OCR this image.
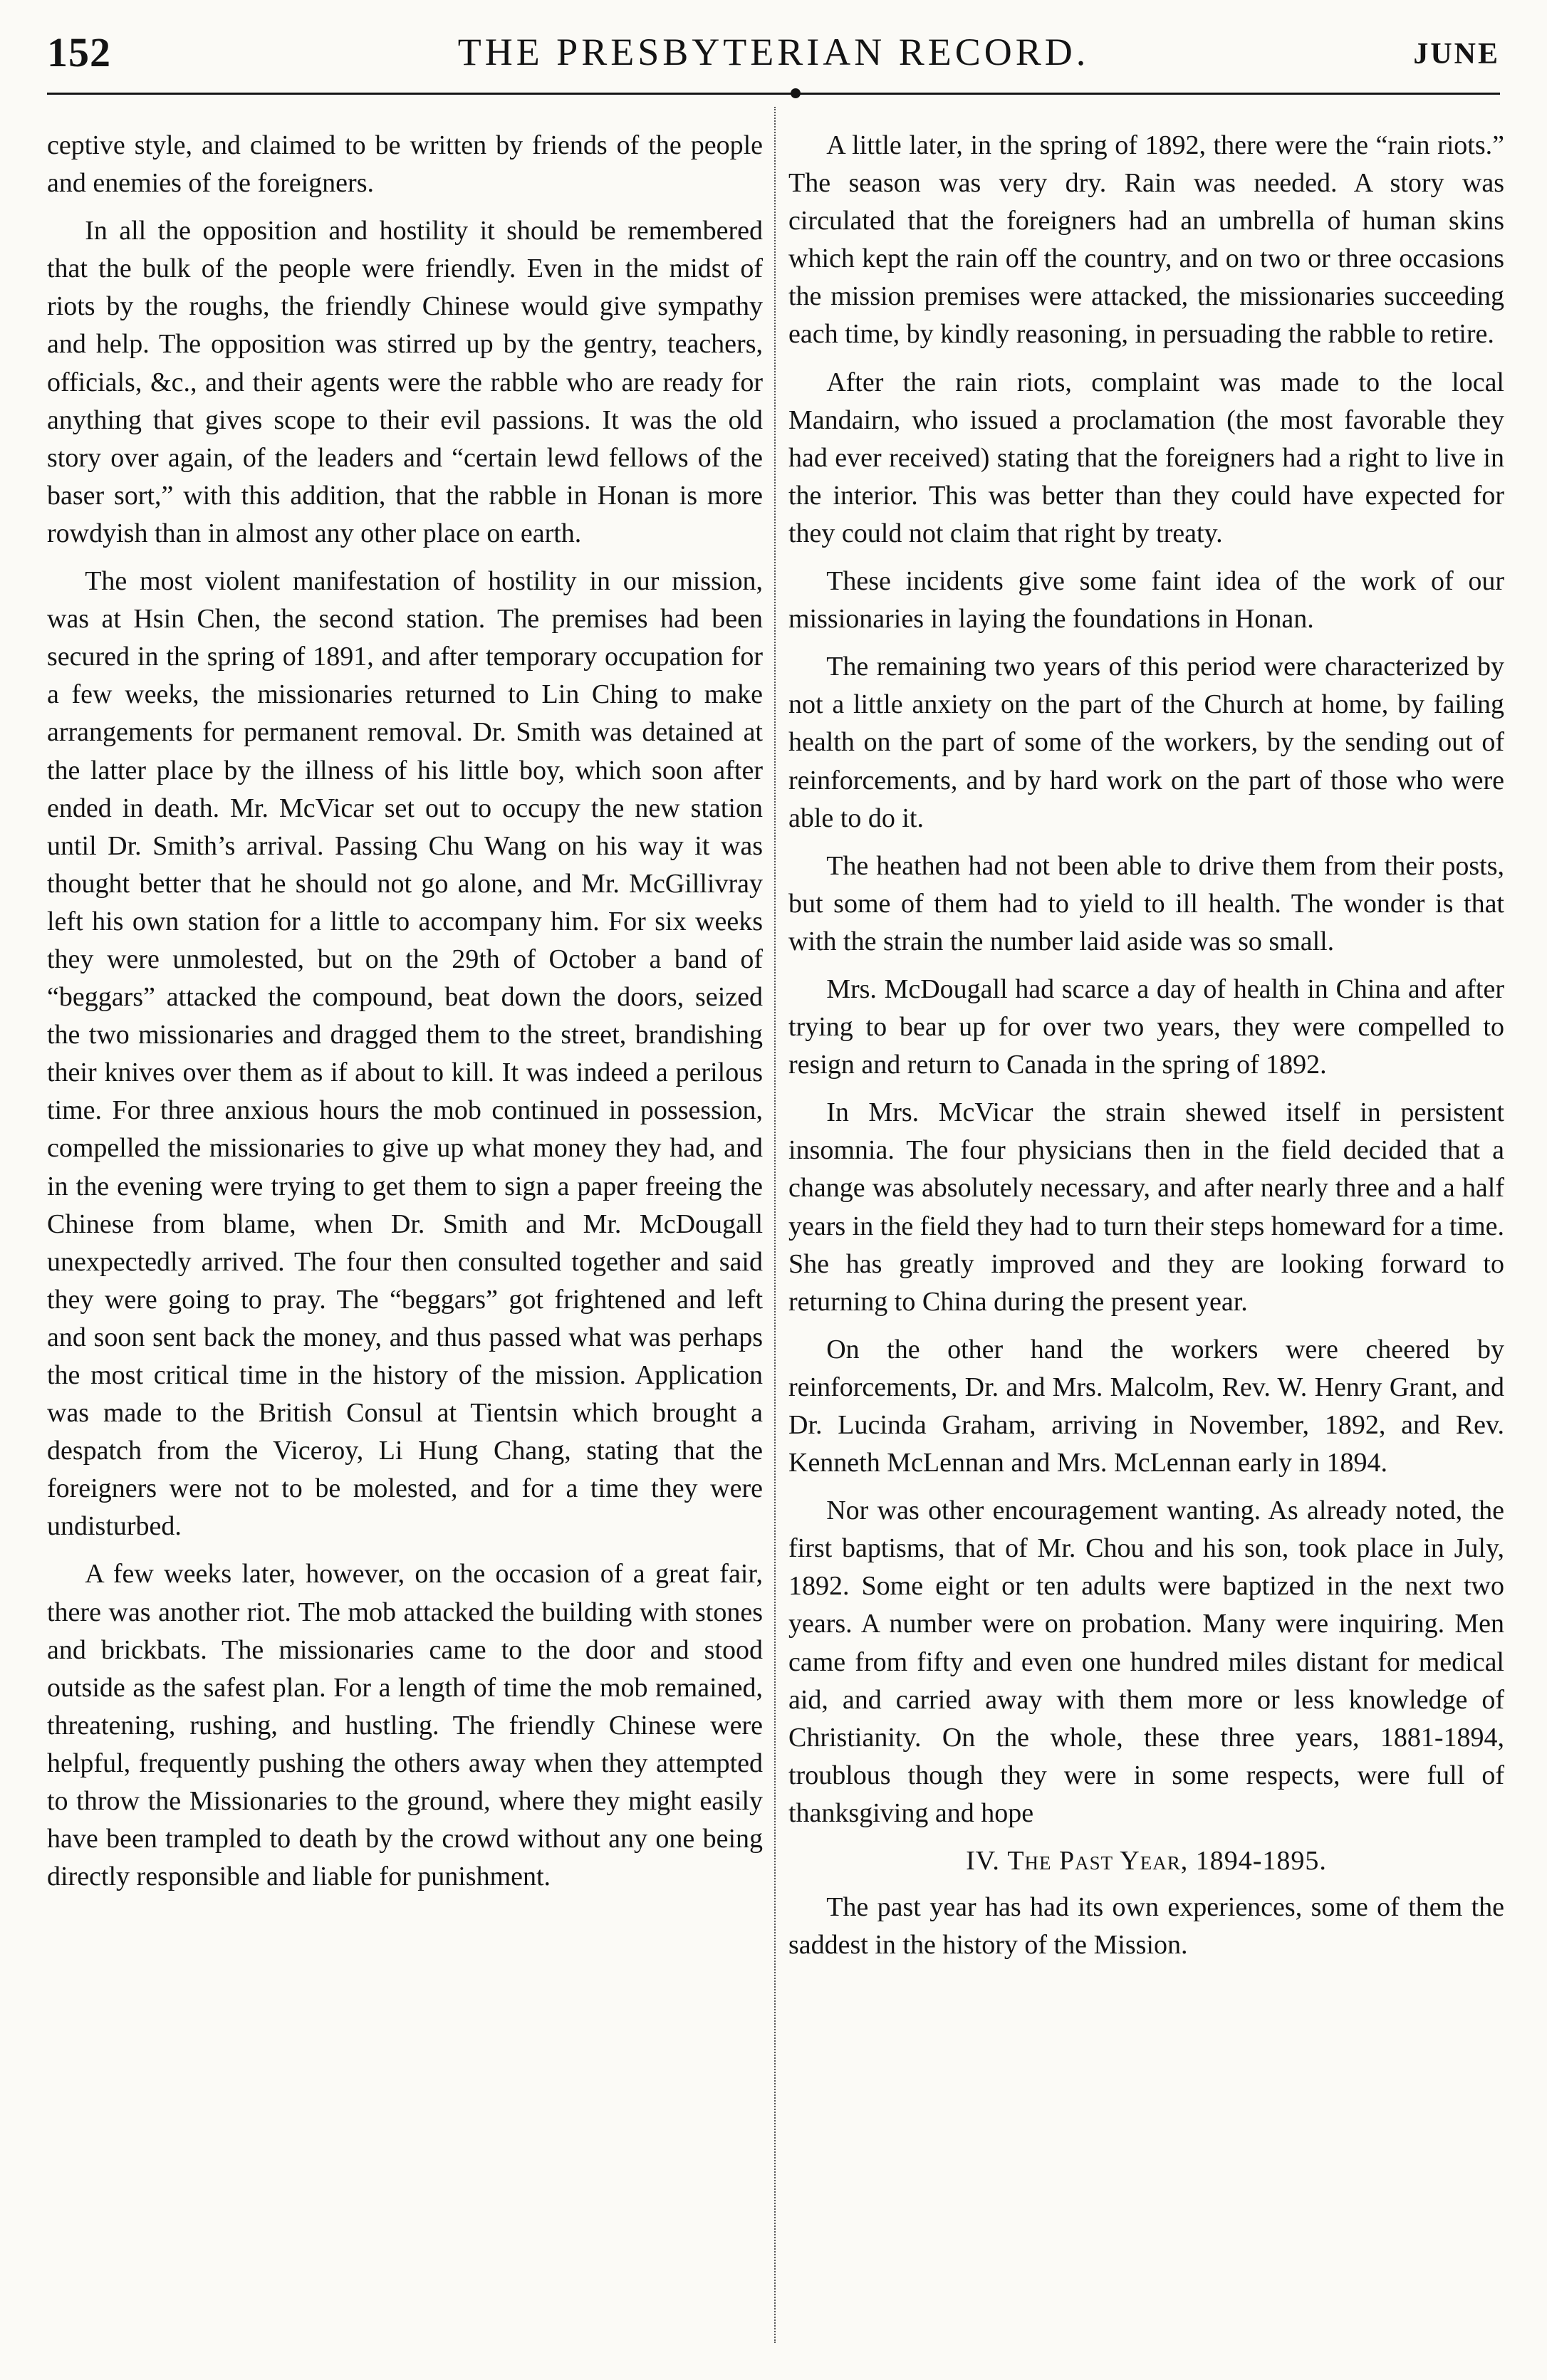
152	THE PRESBYTERIAN RECORD.	JUNE

ceptive style, and claimed to be written by friends of the people and enemies of the foreigners.

In all the opposition and hostility it should be remembered that the bulk of the people were friendly. Even in the midst of riots by the roughs, the friendly Chinese would give sympathy and help. The opposition was stirred up by the gentry, teachers, officials, &c., and their agents were the rabble who are ready for anything that gives scope to their evil passions. It was the old story over again, of the leaders and “certain lewd fellows of the baser sort,” with this addition, that the rabble in Honan is more rowdyish than in almost any other place on earth.

The most violent manifestation of hostility in our mission, was at Hsin Chen, the second station. The premises had been secured in the spring of 1891, and after temporary occupation for a few weeks, the missionaries returned to Lin Ching to make arrangements for permanent removal. Dr. Smith was detained at the latter place by the illness of his little boy, which soon after ended in death. Mr. McVicar set out to occupy the new station until Dr. Smith’s arrival. Passing Chu Wang on his way it was thought better that he should not go alone, and Mr. McGillivray left his own station for a little to accompany him. For six weeks they were unmolested, but on the 29th of October a band of “beggars” attacked the compound, beat down the doors, seized the two missionaries and dragged them to the street, brandishing their knives over them as if about to kill. It was indeed a perilous time. For three anxious hours the mob continued in possession, compelled the missionaries to give up what money they had, and in the evening were trying to get them to sign a paper freeing the Chinese from blame, when Dr. Smith and Mr. McDougall unexpectedly arrived. The four then consulted together and said they were going to pray. The “beggars” got frightened and left and soon sent back the money, and thus passed what was perhaps the most critical time in the history of the mission. Application was made to the British Consul at Tientsin which brought a despatch from the Viceroy, Li Hung Chang, stating that the foreigners were not to be molested, and for a time they were undisturbed.

A few weeks later, however, on the occasion of a great fair, there was another riot. The mob attacked the building with stones and brickbats. The missionaries came to the door and stood outside as the safest plan. For a length of time the mob remained, threatening, rushing, and hustling. The friendly Chinese were helpful, frequently pushing the others away when they attempted to throw the Missionaries to the ground, where they might easily have been trampled to death by the crowd without any one being directly responsible and liable for punishment.

A little later, in the spring of 1892, there were the “rain riots.” The season was very dry. Rain was needed. A story was circulated that the foreigners had an umbrella of human skins which kept the rain off the country, and on two or three occasions the mission premises were attacked, the missionaries succeeding each time, by kindly reasoning, in persuading the rabble to retire.

After the rain riots, complaint was made to the local Mandairn, who issued a proclamation (the most favorable they had ever received) stating that the foreigners had a right to live in the interior. This was better than they could have expected for they could not claim that right by treaty.

These incidents give some faint idea of the work of our missionaries in laying the foundations in Honan.

The remaining two years of this period were characterized by not a little anxiety on the part of the Church at home, by failing health on the part of some of the workers, by the sending out of reinforcements, and by hard work on the part of those who were able to do it.

The heathen had not been able to drive them from their posts, but some of them had to yield to ill health. The wonder is that with the strain the number laid aside was so small.

Mrs. McDougall had scarce a day of health in China and after trying to bear up for over two years, they were compelled to resign and return to Canada in the spring of 1892.

In Mrs. McVicar the strain shewed itself in persistent insomnia. The four physicians then in the field decided that a change was absolutely necessary, and after nearly three and a half years in the field they had to turn their steps homeward for a time. She has greatly improved and they are looking forward to returning to China during the present year.

On the other hand the workers were cheered by reinforcements, Dr. and Mrs. Malcolm, Rev. W. Henry Grant, and Dr. Lucinda Graham, arriving in November, 1892, and Rev. Kenneth McLennan and Mrs. McLennan early in 1894.

Nor was other encouragement wanting. As already noted, the first baptisms, that of Mr. Chou and his son, took place in July, 1892. Some eight or ten adults were baptized in the next two years. A number were on probation. Many were inquiring. Men came from fifty and even one hundred miles distant for medical aid, and carried away with them more or less knowledge of Christianity. On the whole, these three years, 1881-1894, troublous though they were in some respects, were full of thanksgiving and hope

IV. The Past Year, 1894-1895.

The past year has had its own experiences, some of them the saddest in the history of the Mission.
